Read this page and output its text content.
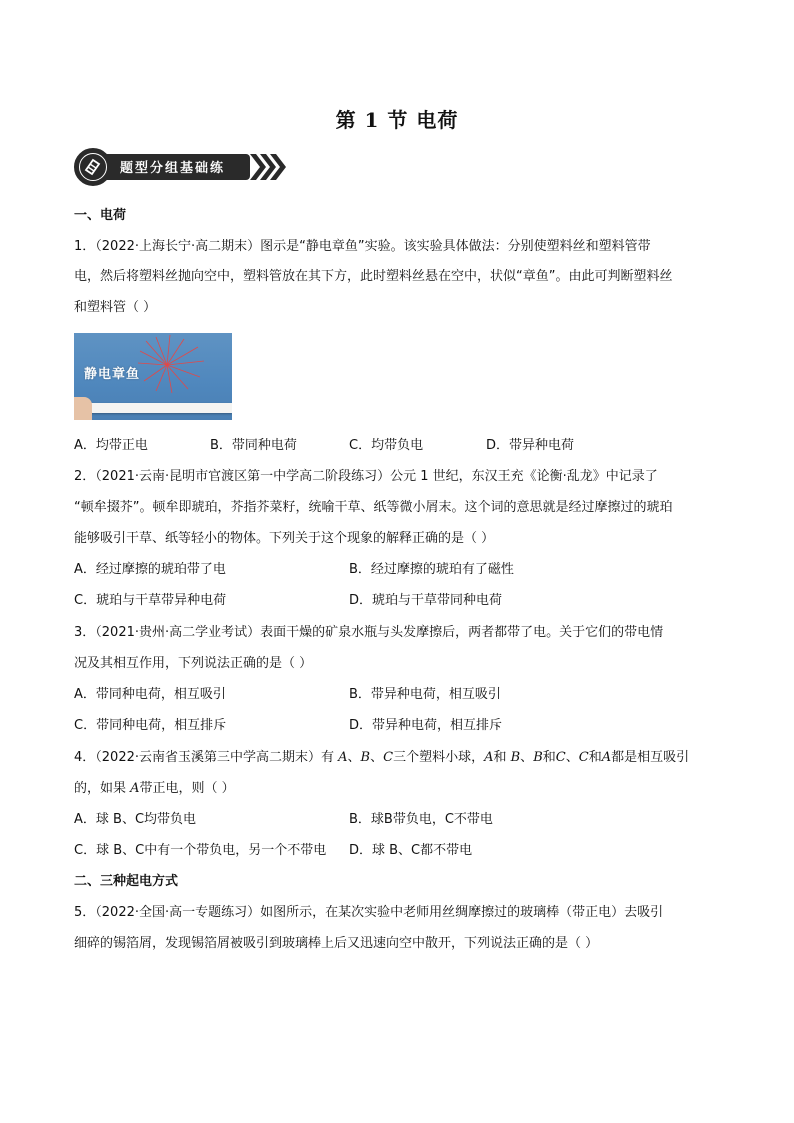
第 1 节 电荷
题型分组基础练
一、电荷
1．（2022·上海长宁·高二期末）图示是“静电章鱼”实验。该实验具体做法：分别使塑料丝和塑料管带
电，然后将塑料丝抛向空中，塑料管放在其下方，此时塑料丝悬在空中，状似“章鱼”。由此可判断塑料丝
和塑料管（ ）
静电章鱼
A．均带正电	B．带同种电荷	C．均带负电	D．带异种电荷
2．（2021·云南·昆明市官渡区第一中学高二阶段练习）公元 1 世纪，东汉王充《论衡·乱龙》中记录了
“顿牟掇芥”。顿牟即琥珀，芥指芥菜籽，统喻干草、纸等微小屑末。这个词的意思就是经过摩擦过的琥珀
能够吸引干草、纸等轻小的物体。下列关于这个现象的解释正确的是（ ）
A．经过摩擦的琥珀带了电	B．经过摩擦的琥珀有了磁性
C．琥珀与干草带异种电荷	D．琥珀与干草带同种电荷
3．（2021·贵州·高二学业考试）表面干燥的矿泉水瓶与头发摩擦后，两者都带了电。关于它们的带电情
况及其相互作用，下列说法正确的是（ ）
A．带同种电荷，相互吸引	B．带异种电荷，相互吸引
C．带同种电荷，相互排斥	D．带异种电荷，相互排斥
4．（2022·云南省玉溪第三中学高二期末）有 A、B、C三个塑料小球，A和 B、B和C、C和A都是相互吸引
的，如果 A带正电，则（ ）
A．球 B、C均带负电	B．球B带负电，C不带电
C．球 B、C中有一个带负电，另一个不带电 D．球 B、C都不带电
二、三种起电方式
5．（2022·全国·高一专题练习）如图所示，在某次实验中老师用丝绸摩擦过的玻璃棒（带正电）去吸引
细碎的锡箔屑，发现锡箔屑被吸引到玻璃棒上后又迅速向空中散开，下列说法正确的是（ ）
